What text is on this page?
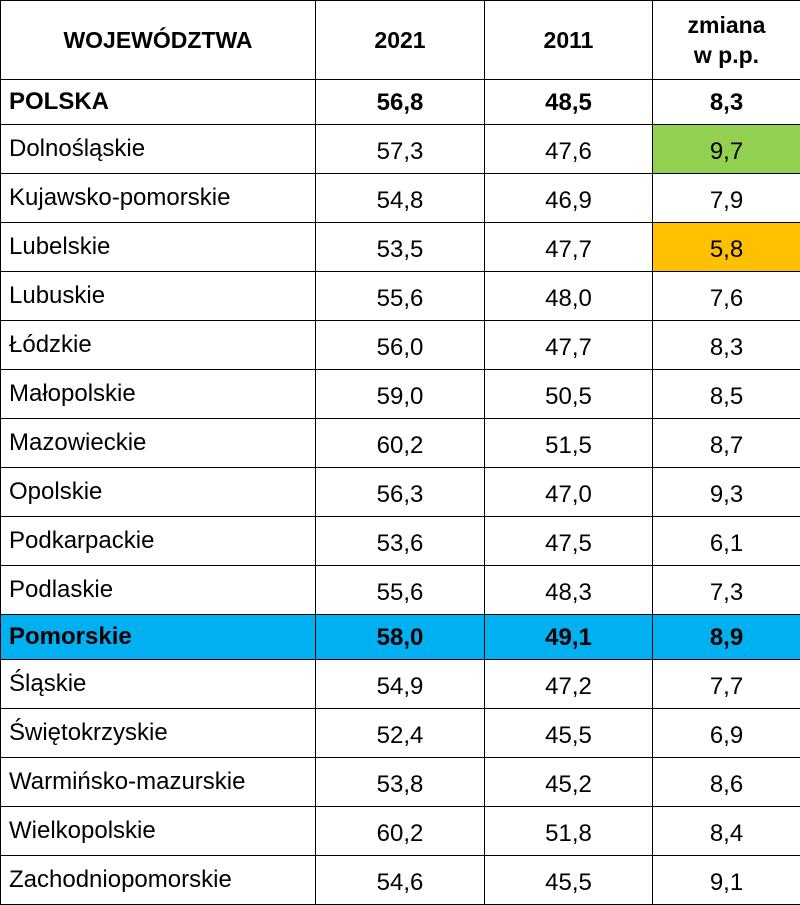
WOJEWÓDZTWA	2021	2011	zmiana
w p.p.
POLSKA	56,8	48,5	8,3
Dolnośląskie	57,3	47,6	9,7
Kujawsko-pomorskie	54,8	46,9	7,9
Lubelskie	53,5	47,7	5,8
Lubuskie	55,6	48,0	7,6
Łódzkie	56,0	47,7	8,3
Małopolskie	59,0	50,5	8,5
Mazowieckie	60,2	51,5	8,7
Opolskie	56,3	47,0	9,3
Podkarpackie	53,6	47,5	6,1
Podlaskie	55,6	48,3	7,3
Pomorskie	58,0	49,1	8,9
Śląskie	54,9	47,2	7,7
Świętokrzyskie	52,4	45,5	6,9
Warmińsko-mazurskie	53,8	45,2	8,6
Wielkopolskie	60,2	51,8	8,4
Zachodniopomorskie	54,6	45,5	9,1
